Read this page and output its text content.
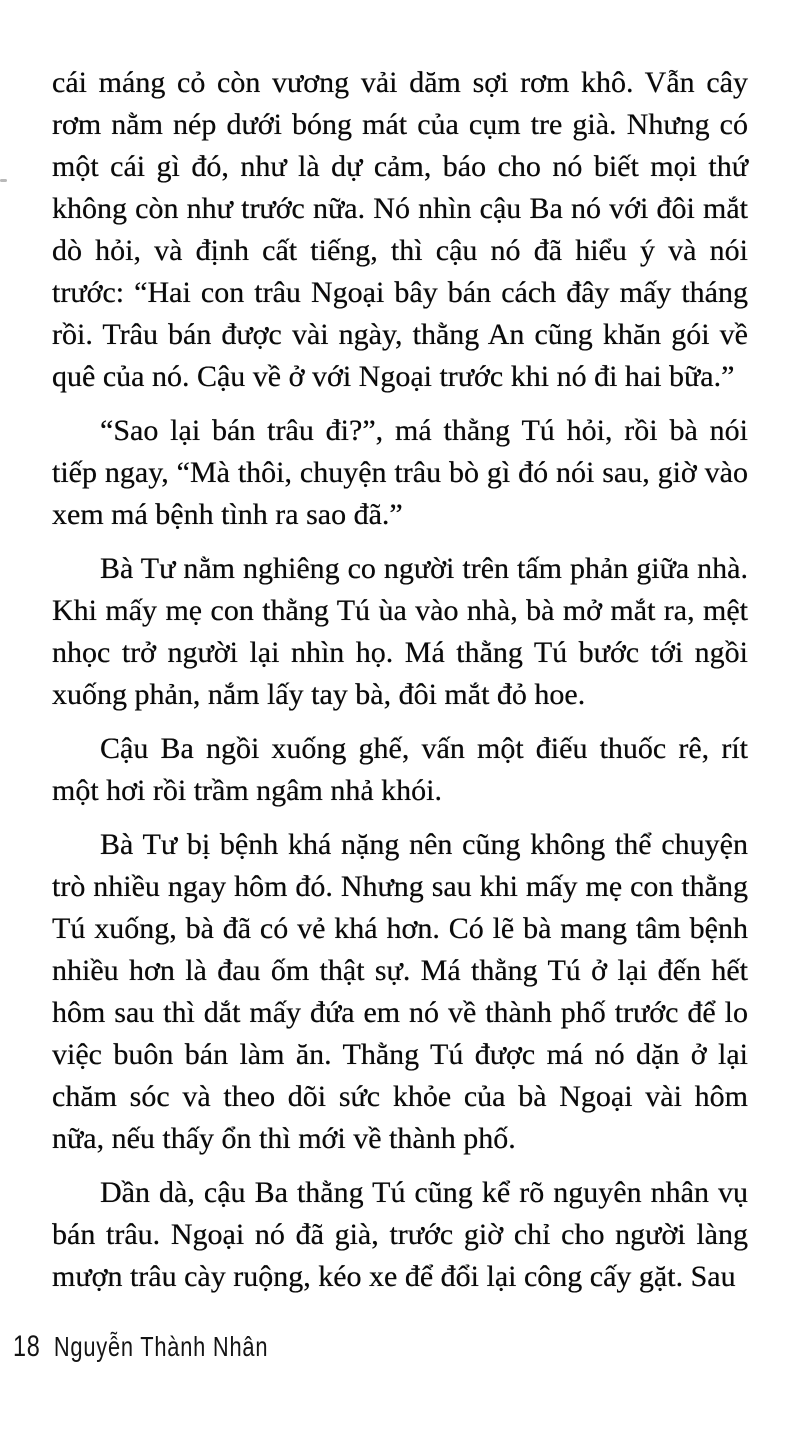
cái máng cỏ còn vương vải dăm sợi rơm khô. Vẫn cây rơm nằm nép dưới bóng mát của cụm tre già. Nhưng có một cái gì đó, như là dự cảm, báo cho nó biết mọi thứ không còn như trước nữa. Nó nhìn cậu Ba nó với đôi mắt dò hỏi, và định cất tiếng, thì cậu nó đã hiểu ý và nói trước: “Hai con trâu Ngoại bây bán cách đây mấy tháng rồi. Trâu bán được vài ngày, thằng An cũng khăn gói về quê của nó. Cậu về ở với Ngoại trước khi nó đi hai bữa.”

“Sao lại bán trâu đi?”, má thằng Tú hỏi, rồi bà nói tiếp ngay, “Mà thôi, chuyện trâu bò gì đó nói sau, giờ vào xem má bệnh tình ra sao đã.”

Bà Tư nằm nghiêng co người trên tấm phản giữa nhà. Khi mấy mẹ con thằng Tú ùa vào nhà, bà mở mắt ra, mệt nhọc trở người lại nhìn họ. Má thằng Tú bước tới ngồi xuống phản, nắm lấy tay bà, đôi mắt đỏ hoe.

Cậu Ba ngồi xuống ghế, vấn một điếu thuốc rê, rít một hơi rồi trầm ngâm nhả khói.

Bà Tư bị bệnh khá nặng nên cũng không thể chuyện trò nhiều ngay hôm đó. Nhưng sau khi mấy mẹ con thằng Tú xuống, bà đã có vẻ khá hơn. Có lẽ bà mang tâm bệnh nhiều hơn là đau ốm thật sự. Má thằng Tú ở lại đến hết hôm sau thì dắt mấy đứa em nó về thành phố trước để lo việc buôn bán làm ăn. Thằng Tú được má nó dặn ở lại chăm sóc và theo dõi sức khỏe của bà Ngoại vài hôm nữa, nếu thấy ổn thì mới về thành phố.

Dần dà, cậu Ba thằng Tú cũng kể rõ nguyên nhân vụ bán trâu. Ngoại nó đã già, trước giờ chỉ cho người làng mượn trâu cày ruộng, kéo xe để đổi lại công cấy gặt. Sau

18 Nguyễn Thành Nhân
